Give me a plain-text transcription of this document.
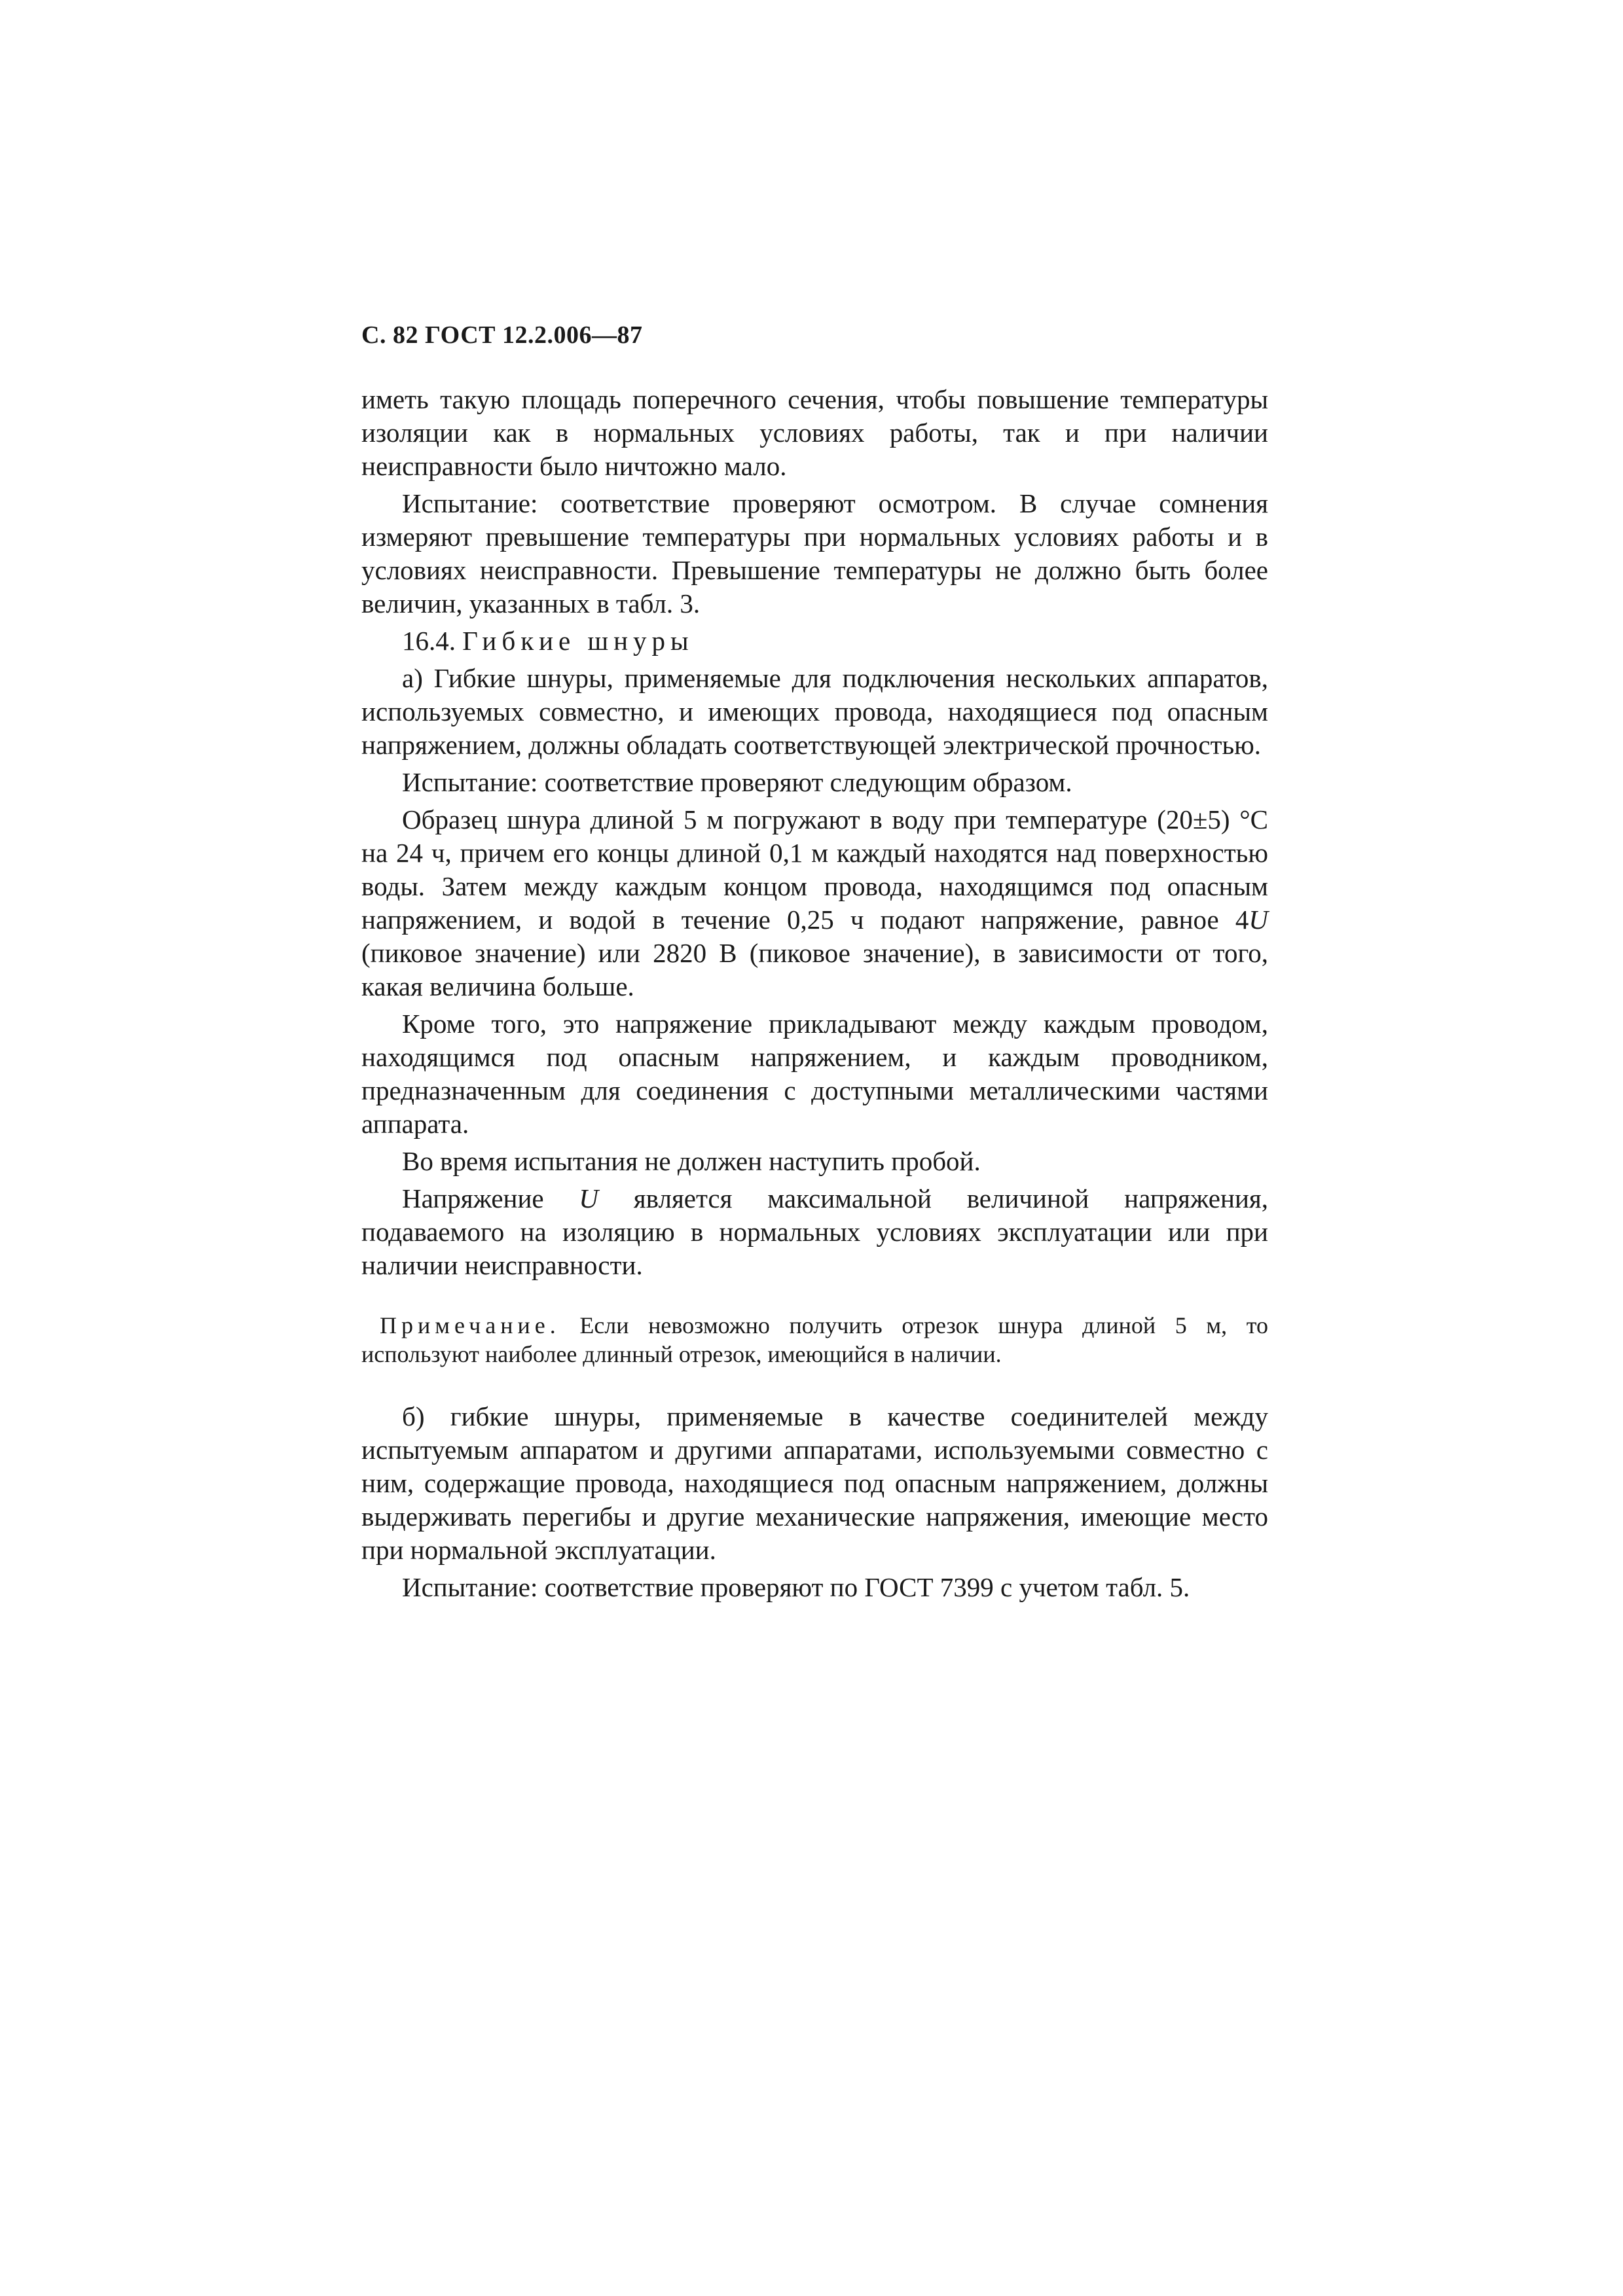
С. 82 ГОСТ 12.2.006—87

иметь такую площадь поперечного сечения, чтобы повышение температуры изоляции как в нормальных условиях работы, так и при наличии неисправности было ничтожно мало.

Испытание: соответствие проверяют осмотром. В случае сомнения измеряют превышение температуры при нормальных условиях работы и в условиях неисправности. Превышение температуры не должно быть более величин, указанных в табл. 3.

16.4. Гибкие шнуры

а) Гибкие шнуры, применяемые для подключения нескольких аппаратов, используемых совместно, и имеющих провода, находящиеся под опасным напряжением, должны обладать соответствующей электрической прочностью.

Испытание: соответствие проверяют следующим образом.

Образец шнура длиной 5 м погружают в воду при температуре (20±5) °С на 24 ч, причем его концы длиной 0,1 м каждый находятся над поверхностью воды. Затем между каждым концом провода, находящимся под опасным напряжением, и водой в течение 0,25 ч подают напряжение, равное 4U (пиковое значение) или 2820 В (пиковое значение), в зависимости от того, какая величина больше.

Кроме того, это напряжение прикладывают между каждым проводом, находящимся под опасным напряжением, и каждым проводником, предназначенным для соединения с доступными металлическими частями аппарата.

Во время испытания не должен наступить пробой.

Напряжение U является максимальной величиной напряжения, подаваемого на изоляцию в нормальных условиях эксплуатации или при наличии неисправности.

Примечание. Если невозможно получить отрезок шнура длиной 5 м, то используют наиболее длинный отрезок, имеющийся в наличии.

б) гибкие шнуры, применяемые в качестве соединителей между испытуемым аппаратом и другими аппаратами, используемыми совместно с ним, содержащие провода, находящиеся под опасным напряжением, должны выдерживать перегибы и другие механические напряжения, имеющие место при нормальной эксплуатации.

Испытание: соответствие проверяют по ГОСТ 7399 с учетом табл. 5.
